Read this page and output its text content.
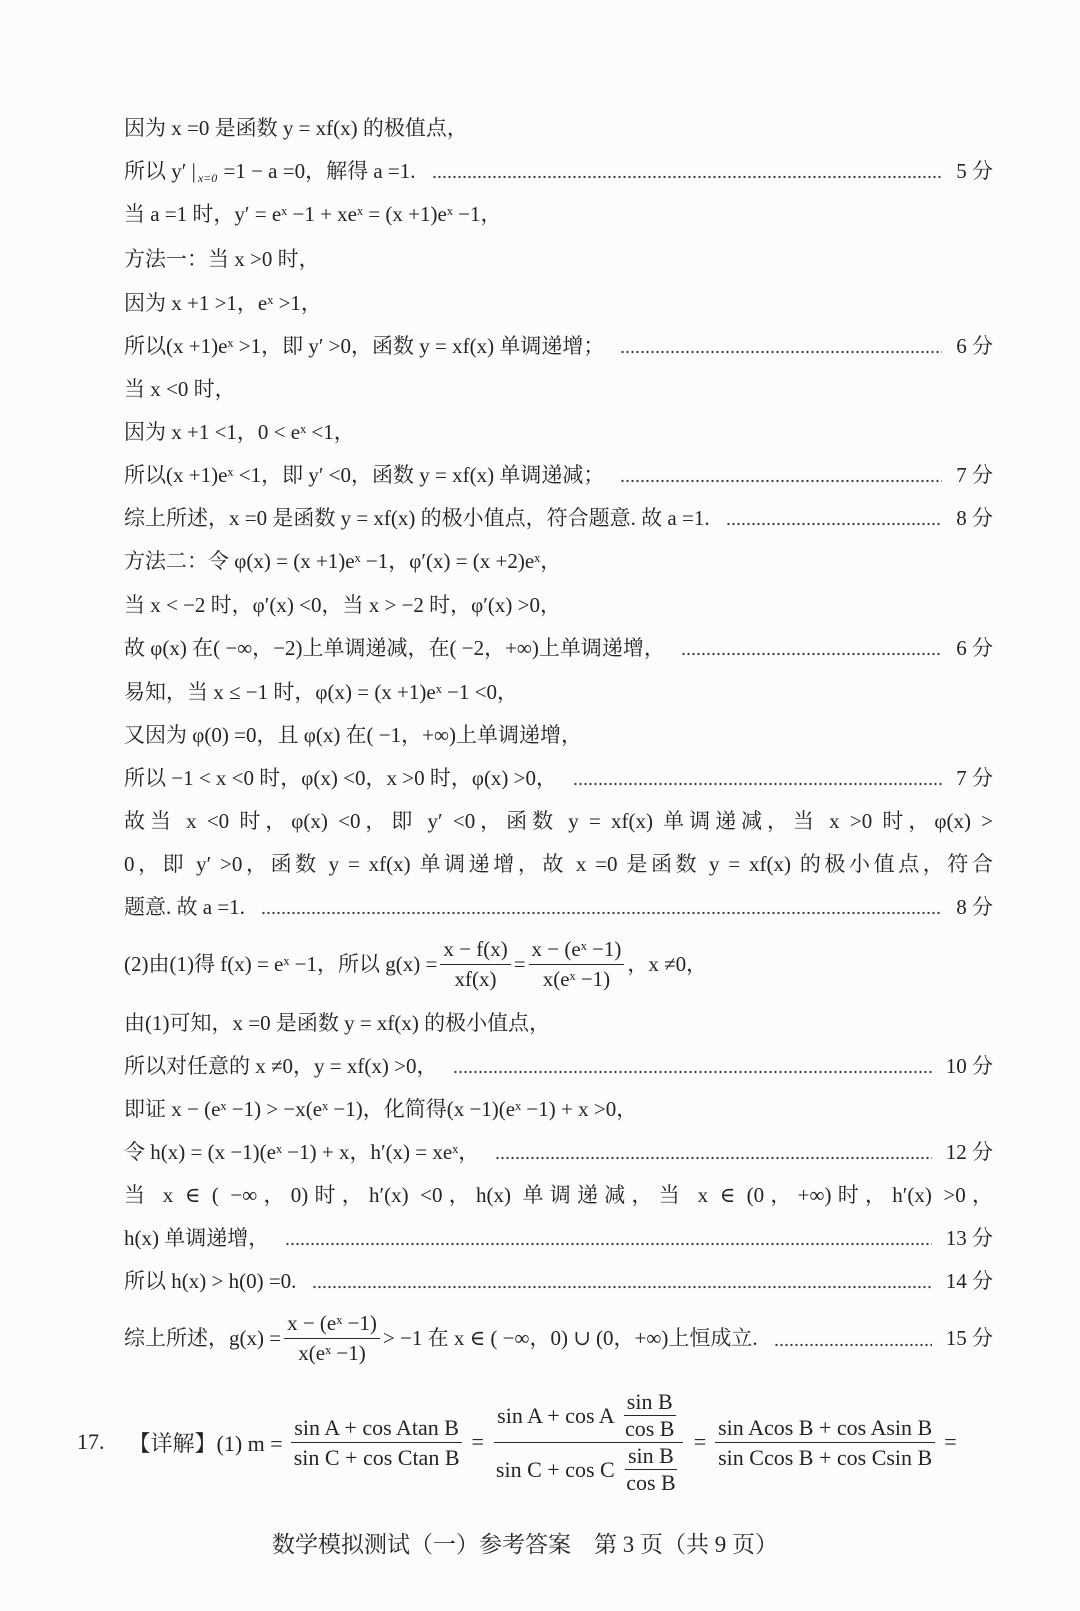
因为 x =0 是函数 y = xf(x) 的极值点，
所以 y′ | x=0 =1 − a =0，解得 a =1.	5 分
当 a =1 时，y′ = eˣ −1 + xeˣ = (x +1)eˣ −1，
方法一：当 x >0 时，
因为 x +1 >1，eˣ >1，
所以(x +1)eˣ >1，即 y′ >0，函数 y = xf(x) 单调递增；	6 分
当 x <0 时，
因为 x +1 <1，0 < eˣ <1，
所以(x +1)eˣ <1，即 y′ <0，函数 y = xf(x) 单调递减；	7 分
综上所述，x =0 是函数 y = xf(x) 的极小值点，符合题意. 故 a =1.	8 分
方法二：令 φ(x) = (x +1)eˣ −1，φ′(x) = (x +2)eˣ，
当 x < −2 时，φ′(x) <0，当 x > −2 时，φ′(x) >0，
故 φ(x) 在( −∞，−2)上单调递减，在( −2，+∞)上单调递增，	6 分
易知，当 x ≤ −1 时，φ(x) = (x +1)eˣ −1 <0，
又因为 φ(0) =0，且 φ(x) 在( −1，+∞)上单调递增，
所以 −1 < x <0 时，φ(x) <0，x >0 时，φ(x) >0，	7 分
故当 x <0 时，φ(x) <0，即 y′ <0，函数 y = xf(x) 单调递减，当 x >0 时，φ(x) >
0，即 y′ >0，函数 y = xf(x) 单调递增，故 x =0 是函数 y = xf(x) 的极小值点，符合
题意. 故 a =1.	8 分
(2)由(1)得 f(x) = eˣ −1，所以 $g(x) = \frac{x - f(x)}{xf(x)} = \frac{\text{x − (eˣ −1)}}{\text{x(eˣ −1)}}$ ，x ≠0，
由(1)可知，x =0 是函数 y = xf(x) 的极小值点，
所以对任意的 x ≠0，y = xf(x) >0，	10 分
即证 x − (eˣ −1) > −x(eˣ −1)，化简得(x −1)(eˣ −1) + x >0，
令 h(x) = (x −1)(eˣ −1) + x，h′(x) = xeˣ，	12 分
当 x ∈ ( −∞，0)时，h′(x) <0，h(x) 单调递减，当 x ∈ (0，+∞)时，h′(x) >0，
h(x) 单调递增，	13 分
所以 h(x) > h(0) =0.	14 分
综上所述，$g(x) = \frac{\text{x − (eˣ −1)}}{\text{x(eˣ −1)}} > -1$ 在 x ∈ ( −∞，0) ∪ (0，+∞)上恒成立.	15 分
17. 【详解】(1) $m = \frac{\text{sin A + cos Atan B}}{\text{sin C + cos Ctan B}} = \frac{\sin A + \cos A \frac{\text{sin B}}{\text{cos B}}}{\sin C + \cos C \frac{\text{sin B}}{\text{cos B}}} = \frac{\text{sin Acos B + cos Asin B}}{\text{sin Ccos B + cos Csin B}}$ =
数学模拟测试（一）参考答案　第 3 页（共 9 页）
